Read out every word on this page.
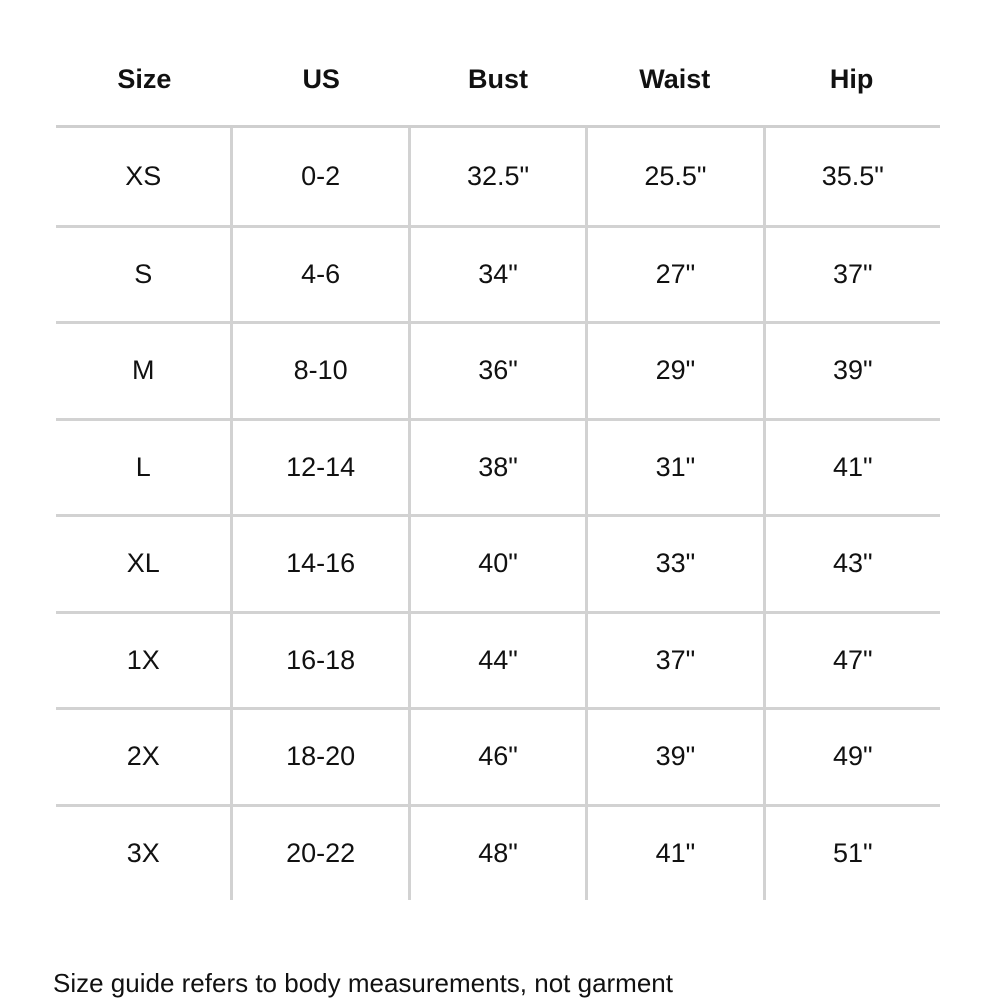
Size	US	Bust	Waist	Hip
XS	0-2	32.5"	25.5"	35.5"
S	4-6	34"	27"	37"
M	8-10	36"	29"	39"
L	12-14	38"	31"	41"
XL	14-16	40"	33"	43"
1X	16-18	44"	37"	47"
2X	18-20	46"	39"	49"
3X	20-22	48"	41"	51"
Size guide refers to body measurements, not garment
